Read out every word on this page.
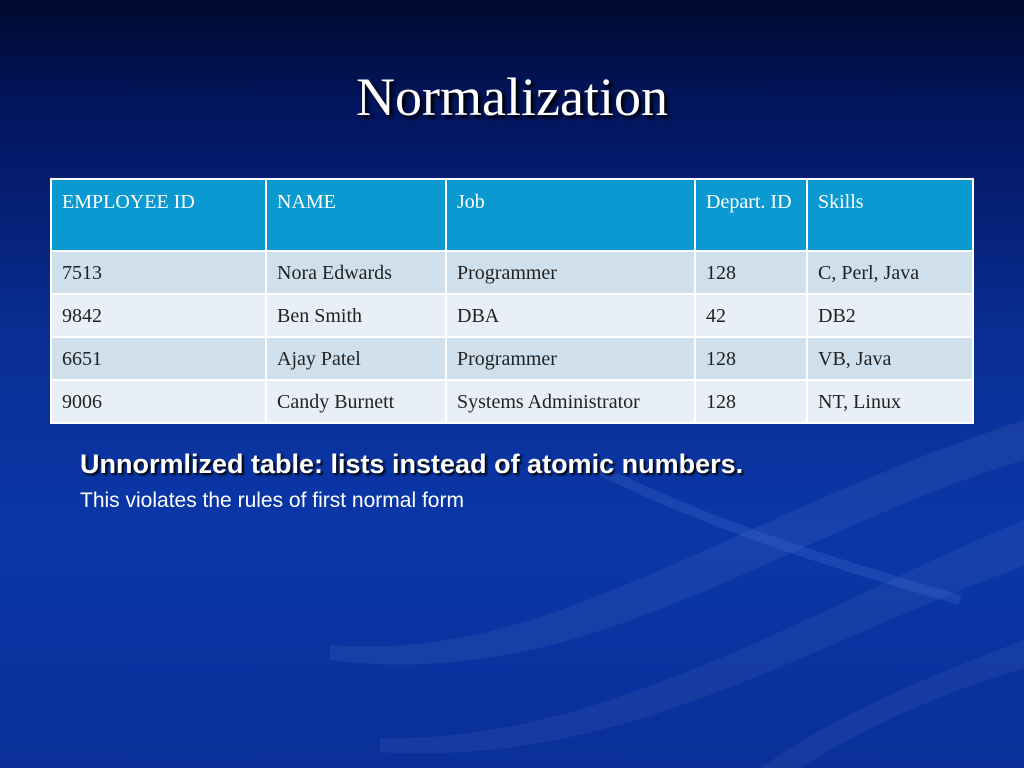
Normalization
EMPLOYEE ID	NAME	Job	Depart. ID	Skills
7513	Nora Edwards	Programmer	128	C, Perl, Java
9842	Ben Smith	DBA	42	DB2
6651	Ajay Patel	Programmer	128	VB, Java
9006	Candy Burnett	Systems Administrator	128	NT, Linux
Unnormlized table: lists instead of atomic numbers.
This violates the rules of first normal form
